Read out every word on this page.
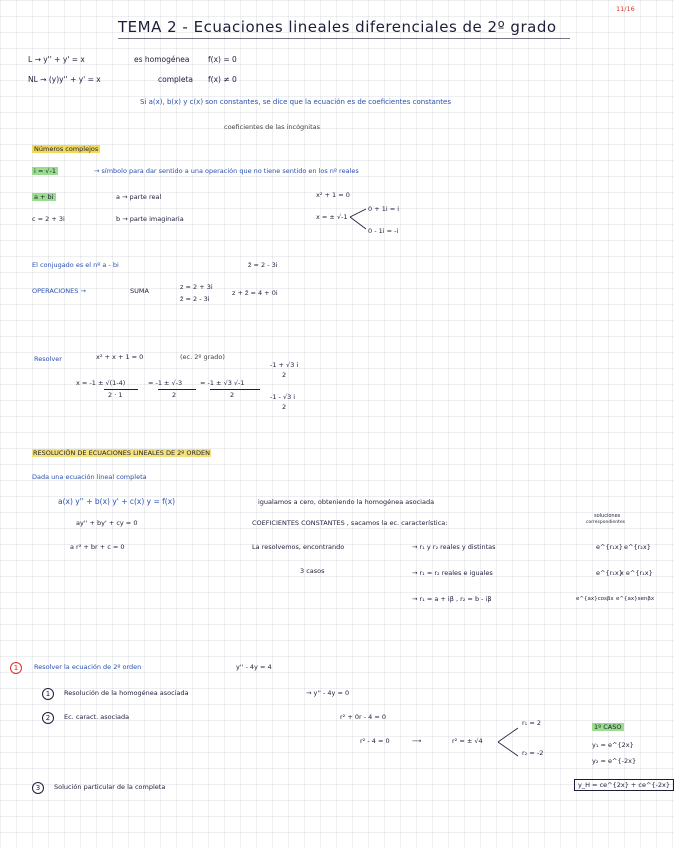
11/16
TEMA 2 - Ecuaciones lineales diferenciales de 2º grado
L → y'' + y' = x	es homogénea f(x) = 0
NL → (y)y'' + y' = x	completa f(x) ≠ 0
Si a(x), b(x) y c(x) son constantes, se dice que la ecuación es de coeficientes constantes
coeficientes de las incógnitas
Números complejos
i = √-1	→ símbolo para dar sentido a una operación que no tiene sentido en los nº reales
a + bi
c = 2 + 3i
a → parte real
b → parte imaginaria
x² + 1 = 0
x = ± √-1
0 + 1i = i
0 - 1i = -i
El conjugado es el nº a - bi	z̄ = 2 - 3i
OPERACIONES →	SUMA	z = 2 + 3i
z̄ = 2 - 3i
z + z̄ = 4 + 0i
Resolver	x² + x + 1 = 0	(ec. 2º grado)
x = -1 ± √(1-4)
2 · 1
= -1 ± √-3
2
= -1 ± √3 √-1
2
-1 + √3 i
2
-1 - √3 i
2
RESOLUCIÓN DE ECUACIONES LINEALES DE 2º ORDEN
Dada una ecuación lineal completa
a(x) y'' + b(x) y' + c(x) y = f(x)	igualamos a cero, obteniendo la homogénea asociada
ay'' + by' + cy = 0	COEFICIENTES CONSTANTES , sacamos la ec. característica:
soluciones
correspondientes
a r² + br + c = 0	La resolvemos, encontrando
3 casos
→ r₁ y r₂ reales y distintas	e^{r₁x} e^{r₂x}
→ r₁ = r₂ reales e iguales	e^{r₁x}
x e^{r₁x}
→ r₁ = a + iβ , r₂ = b - iβ	e^{ax}cosβx e^{ax}senβx
1	Resolver la ecuación de 2º orden	y'' - 4y = 4
1	Resolución de la homogénea asociada	→ y'' - 4y = 0
2	Ec. caract. asociada	r² + 0r - 4 = 0
r² - 4 = 0	⟶	r² = ± √4
r₁ = 2
r₂ = -2
1º CASO
y₁ = e^{2x}
y₂ = e^{-2x}
3	Solución particular de la completa	y_H = ce^{2x} + ce^{-2x}
